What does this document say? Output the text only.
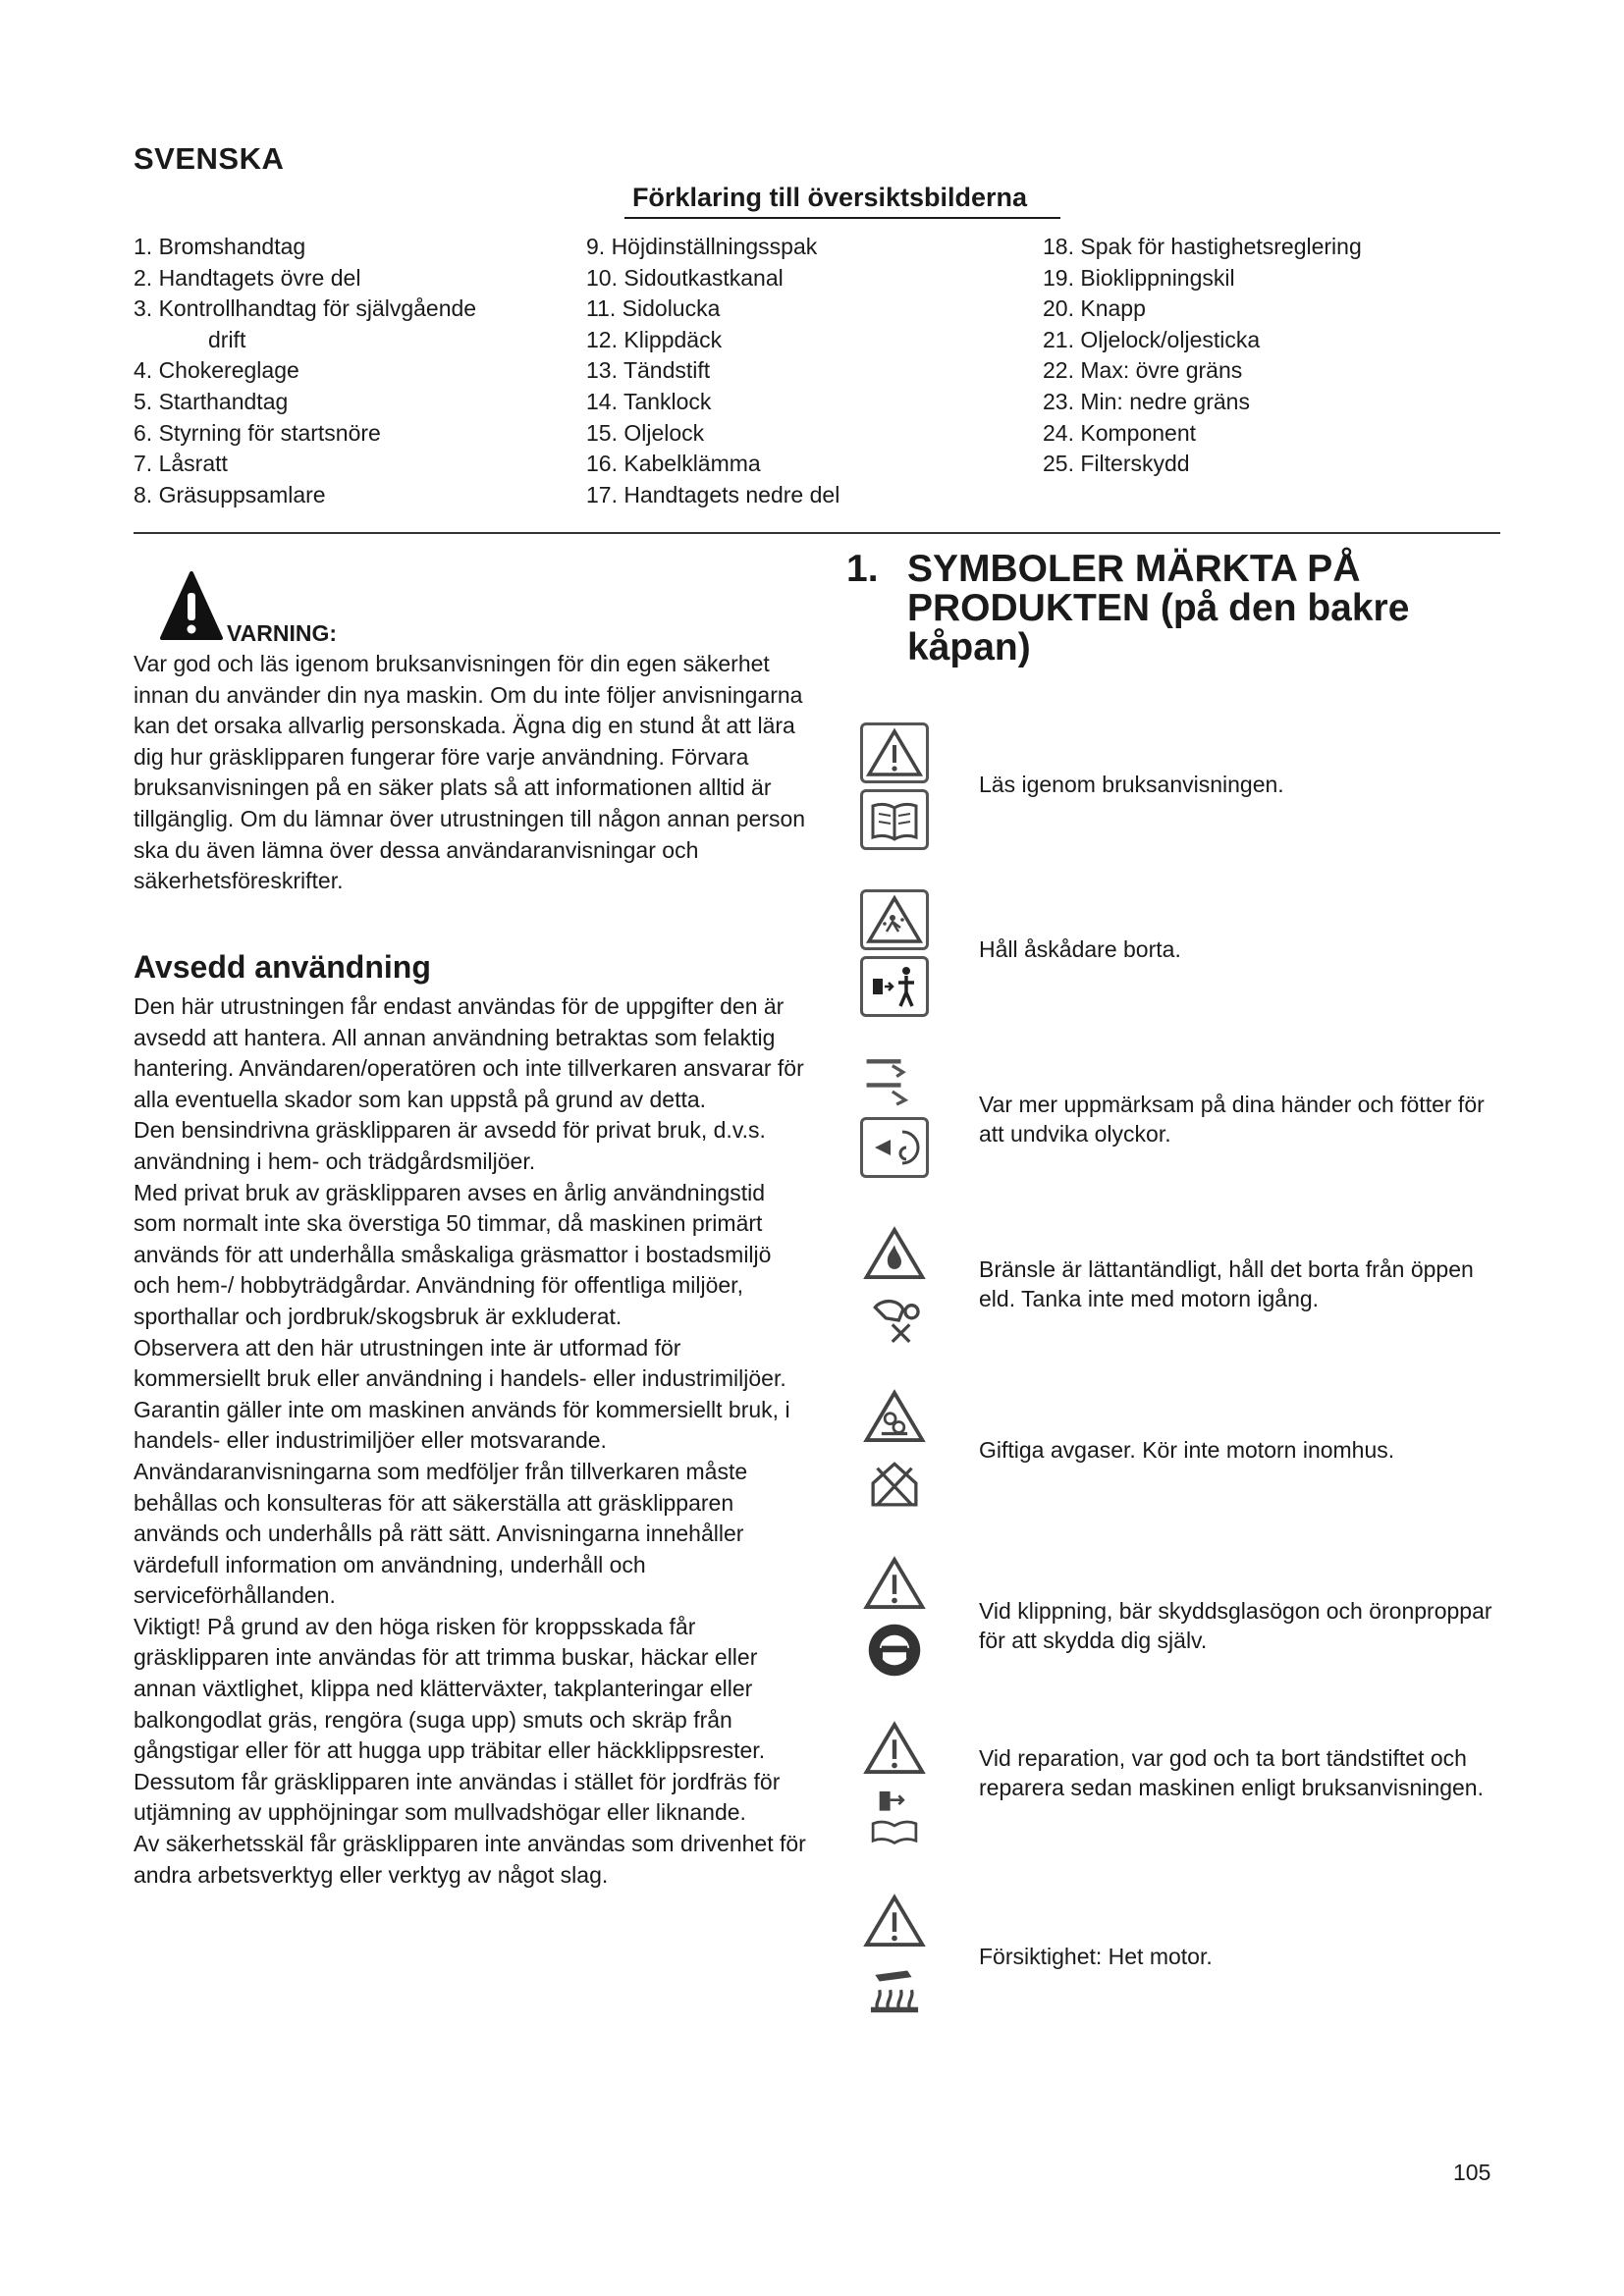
SVENSKA
Förklaring till översiktsbilderna
1. Bromshandtag
2. Handtagets övre del
3. Kontrollhandtag för självgående
drift
4. Chokereglage
5. Starthandtag
6. Styrning för startsnöre
7. Låsratt
8. Gräsuppsamlare
9. Höjdinställningsspak
10. Sidoutkastkanal
11. Sidolucka
12. Klippdäck
13. Tändstift
14. Tanklock
15. Oljelock
16. Kabelklämma
17. Handtagets nedre del
18. Spak för hastighetsreglering
19. Bioklippningskil
20. Knapp
21. Oljelock/oljesticka
22. Max: övre gräns
23. Min: nedre gräns
24. Komponent
25. Filterskydd
VARNING:
Var god och läs igenom bruksanvisningen för din egen säkerhet innan du använder din nya maskin. Om du inte följer anvisningarna kan det orsaka allvarlig personskada. Ägna dig en stund åt att lära dig hur gräsklipparen fungerar före varje användning. Förvara bruksanvisningen på en säker plats så att informationen alltid är tillgänglig. Om du lämnar över utrustningen till någon annan person ska du även lämna över dessa användaranvisningar och säkerhetsföreskrifter.
Avsedd användning

Den här utrustningen får endast användas för de uppgifter den är avsedd att hantera. All annan användning betraktas som felaktig hantering. Användaren/operatören och inte tillverkaren ansvarar för alla eventuella skador som kan uppstå på grund av detta.

Den bensindrivna gräsklipparen är avsedd för privat bruk, d.v.s. användning i hem- och trädgårdsmiljöer.

Med privat bruk av gräsklipparen avses en årlig användningstid som normalt inte ska överstiga 50 timmar, då maskinen primärt används för att underhålla småskaliga gräsmattor i bostadsmiljö och hem-/ hobbyträdgårdar. Användning för offentliga miljöer, sporthallar och jordbruk/skogsbruk är exkluderat.

Observera att den här utrustningen inte är utformad för kommersiellt bruk eller användning i handels- eller industrimiljöer. Garantin gäller inte om maskinen används för kommersiellt bruk, i handels- eller industrimiljöer eller motsvarande.

Användaranvisningarna som medföljer från tillverkaren måste behållas och konsulteras för att säkerställa att gräsklipparen används och underhålls på rätt sätt. Anvisningarna innehåller värdefull information om användning, underhåll och serviceförhållanden.

Viktigt! På grund av den höga risken för kroppsskada får gräsklipparen inte användas för att trimma buskar, häckar eller annan växtlighet, klippa ned klätterväxter, takplanteringar eller balkongodlat gräs, rengöra (suga upp) smuts och skräp från gångstigar eller för att hugga upp träbitar eller häckklippsrester. Dessutom får gräsklipparen inte användas i stället för jordfräs för utjämning av upphöjningar som mullvadshögar eller liknande.

Av säkerhetsskäl får gräsklipparen inte användas som drivenhet för andra arbetsverktyg eller verktyg av något slag.

1. SYMBOLER MÄRKTA PÅ PRODUKTEN (på den bakre kåpan)
Läs igenom bruksanvisningen.
Håll åskådare borta.
Var mer uppmärksam på dina händer och fötter för att undvika olyckor.
Bränsle är lättantändligt, håll det borta från öppen eld. Tanka inte med motorn igång.
Giftiga avgaser. Kör inte motorn inomhus.
Vid klippning, bär skyddsglasögon och öronproppar för att skydda dig själv.
Vid reparation, var god och ta bort tändstiftet och reparera sedan maskinen enligt bruksanvisningen.
Försiktighet: Het motor.
105
